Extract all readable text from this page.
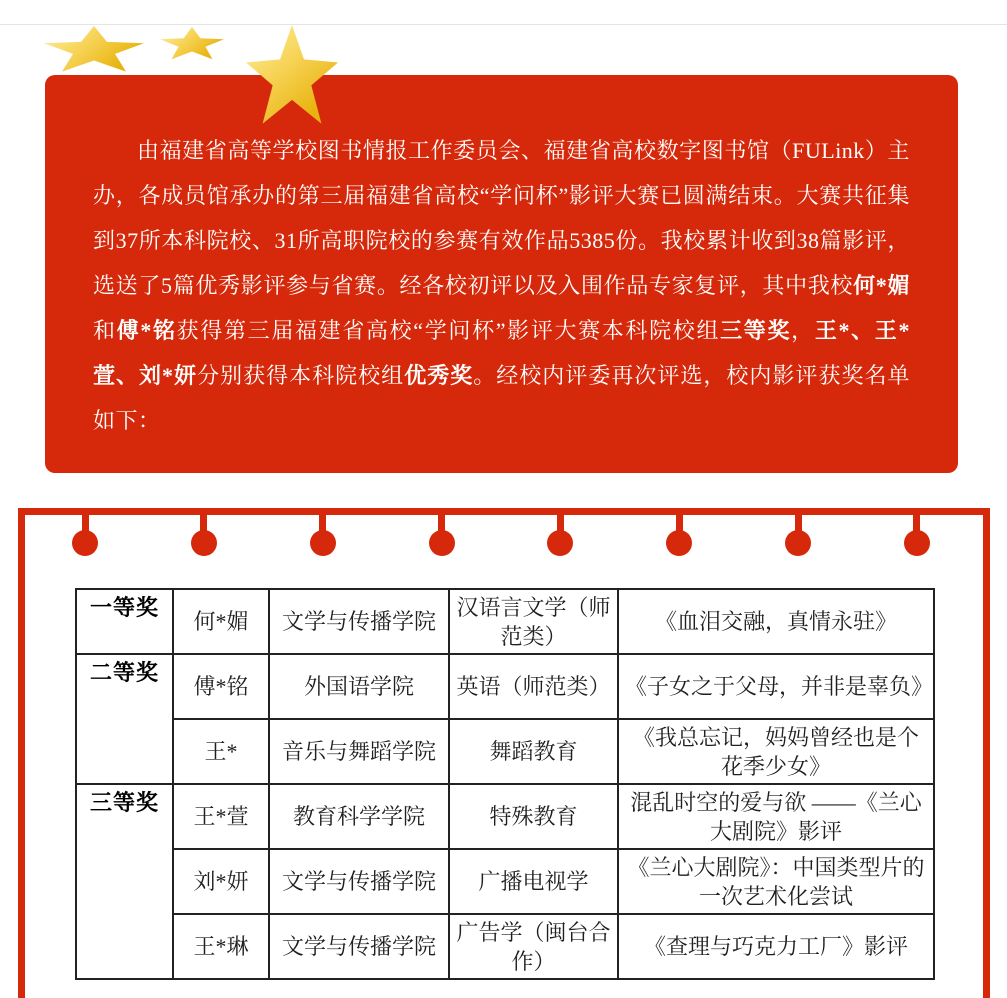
由福建省高等学校图书情报工作委员会、福建省高校数字图书馆（FULink）主办，各成员馆承办的第三届福建省高校“学问杯”影评大赛已圆满结束。大赛共征集到37所本科院校、31所高职院校的参赛有效作品5385份。我校累计收到38篇影评，选送了5篇优秀影评参与省赛。经各校初评以及入围作品专家复评，其中我校何*媚和傅*铭获得第三届福建省高校“学问杯”影评大赛本科院校组三等奖，王*、王*萱、刘*妍分别获得本科院校组优秀奖。经校内评委再次评选，校内影评获奖名单如下：

一等奖	何*媚	文学与传播学院	汉语言文学（师范类）	《血泪交融，真情永驻》
二等奖	傅*铭	外国语学院	英语（师范类）	《子女之于父母，并非是辜负》
	王*	音乐与舞蹈学院	舞蹈教育	《我总忘记，妈妈曾经也是个花季少女》
三等奖	王*萱	教育科学学院	特殊教育	混乱时空的爱与欲 ——《兰心大剧院》影评
	刘*妍	文学与传播学院	广播电视学	《兰心大剧院》：中国类型片的一次艺术化尝试
	王*琳	文学与传播学院	广告学（闽台合作）	《查理与巧克力工厂》影评
